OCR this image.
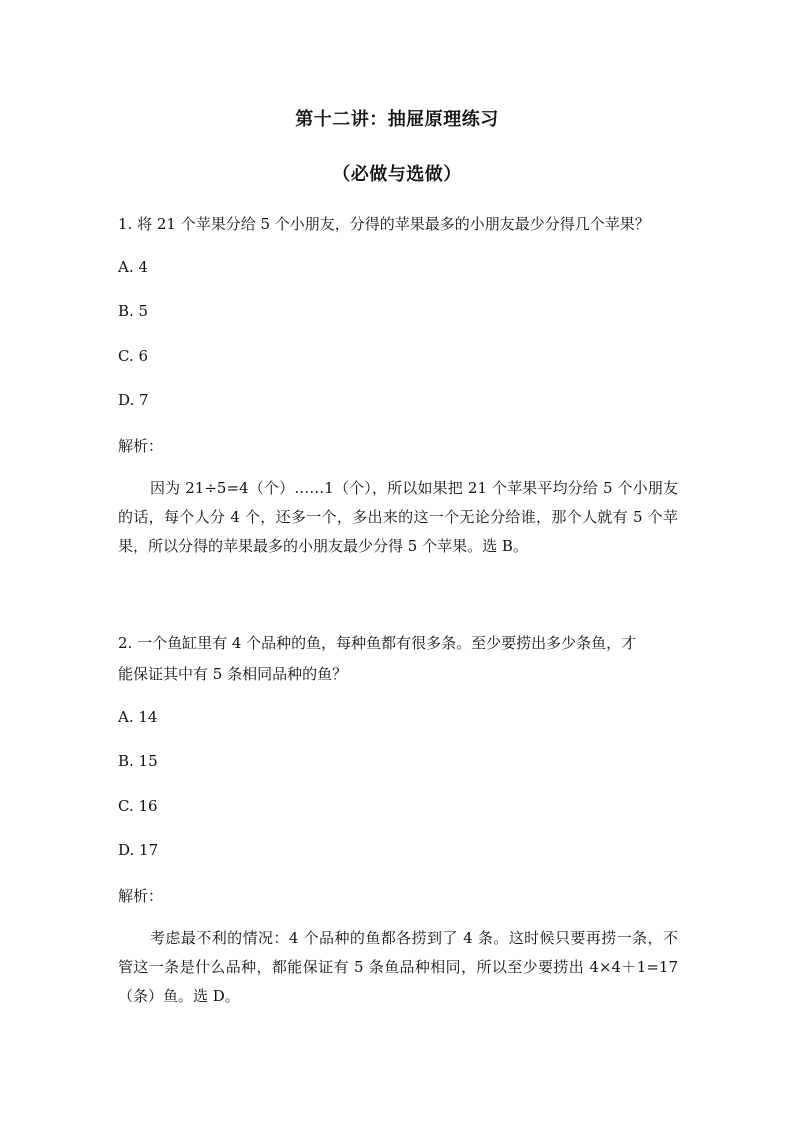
第十二讲：抽屉原理练习
（必做与选做）
1. 将 21 个苹果分给 5 个小朋友，分得的苹果最多的小朋友最少分得几个苹果？
A. 4
B. 5
C. 6
D. 7
解析：
因为 21÷5=4（个）……1（个），所以如果把 21 个苹果平均分给 5 个小朋友的话，每个人分 4 个，还多一个，多出来的这一个无论分给谁，那个人就有 5 个苹果，所以分得的苹果最多的小朋友最少分得 5 个苹果。选 B。
2. 一个鱼缸里有 4 个品种的鱼，每种鱼都有很多条。至少要捞出多少条鱼，才
能保证其中有 5 条相同品种的鱼？
A. 14
B. 15
C. 16
D. 17
解析：
考虑最不利的情况：4 个品种的鱼都各捞到了 4 条。这时候只要再捞一条，不管这一条是什么品种，都能保证有 5 条鱼品种相同，所以至少要捞出 4×4＋1=17（条）鱼。选 D。
